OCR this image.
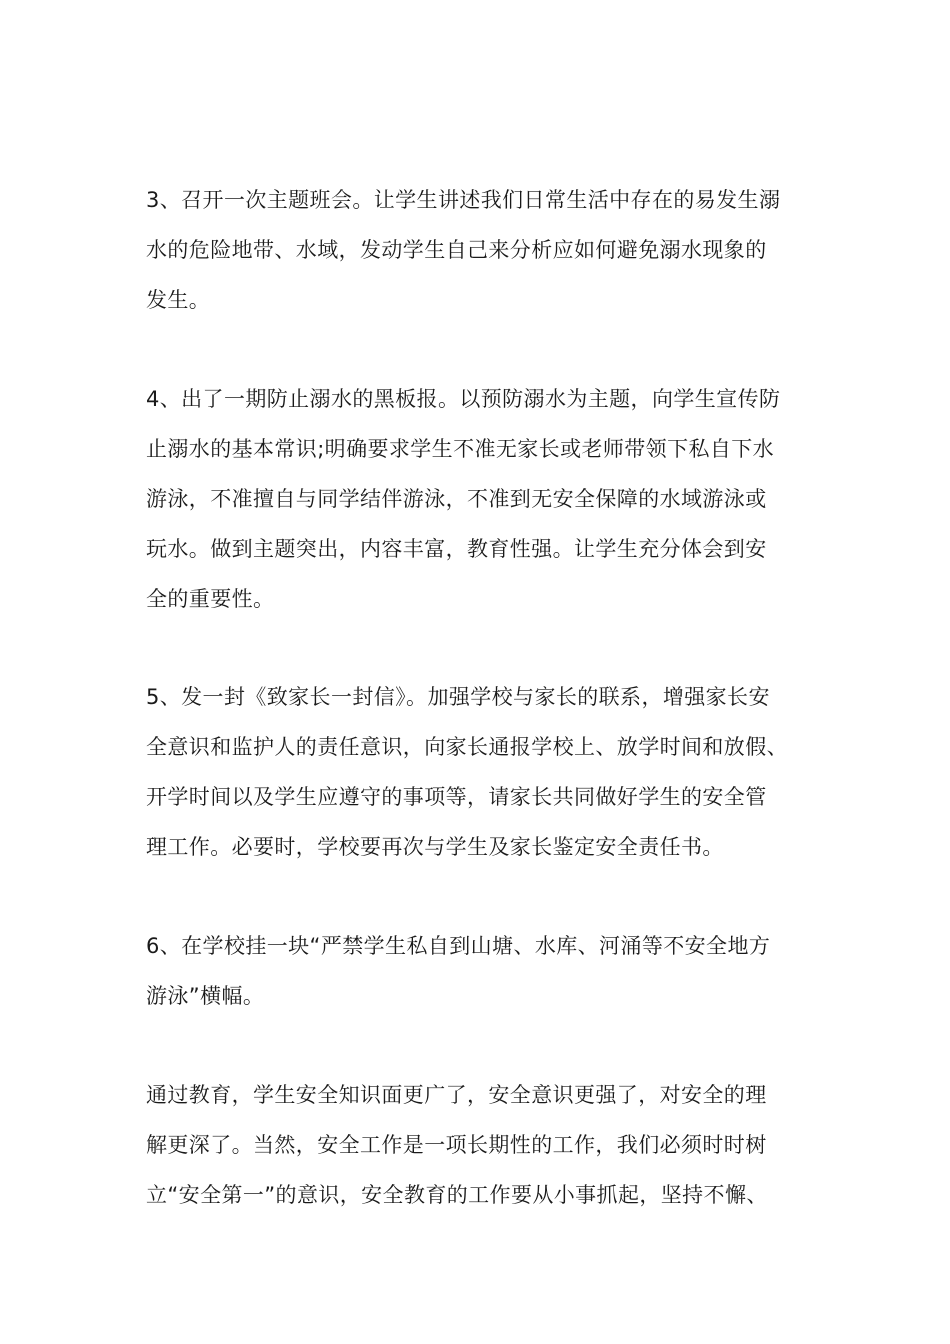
3、召开一次主题班会。让学生讲述我们日常生活中存在的易发生溺
水的危险地带、水域，发动学生自己来分析应如何避免溺水现象的
发生。
4、出了一期防止溺水的黑板报。以预防溺水为主题，向学生宣传防
止溺水的基本常识;明确要求学生不准无家长或老师带领下私自下水
游泳，不准擅自与同学结伴游泳，不准到无安全保障的水域游泳或
玩水。做到主题突出，内容丰富，教育性强。让学生充分体会到安
全的重要性。
5、发一封《致家长一封信》。加强学校与家长的联系，增强家长安
全意识和监护人的责任意识，向家长通报学校上、放学时间和放假、
开学时间以及学生应遵守的事项等，请家长共同做好学生的安全管
理工作。必要时，学校要再次与学生及家长鉴定安全责任书。
6、在学校挂一块“严禁学生私自到山塘、水库、河涌等不安全地方
游泳”横幅。
通过教育，学生安全知识面更广了，安全意识更强了，对安全的理
解更深了。当然，安全工作是一项长期性的工作，我们必须时时树
立“安全第一”的意识，安全教育的工作要从小事抓起，坚持不懈、
